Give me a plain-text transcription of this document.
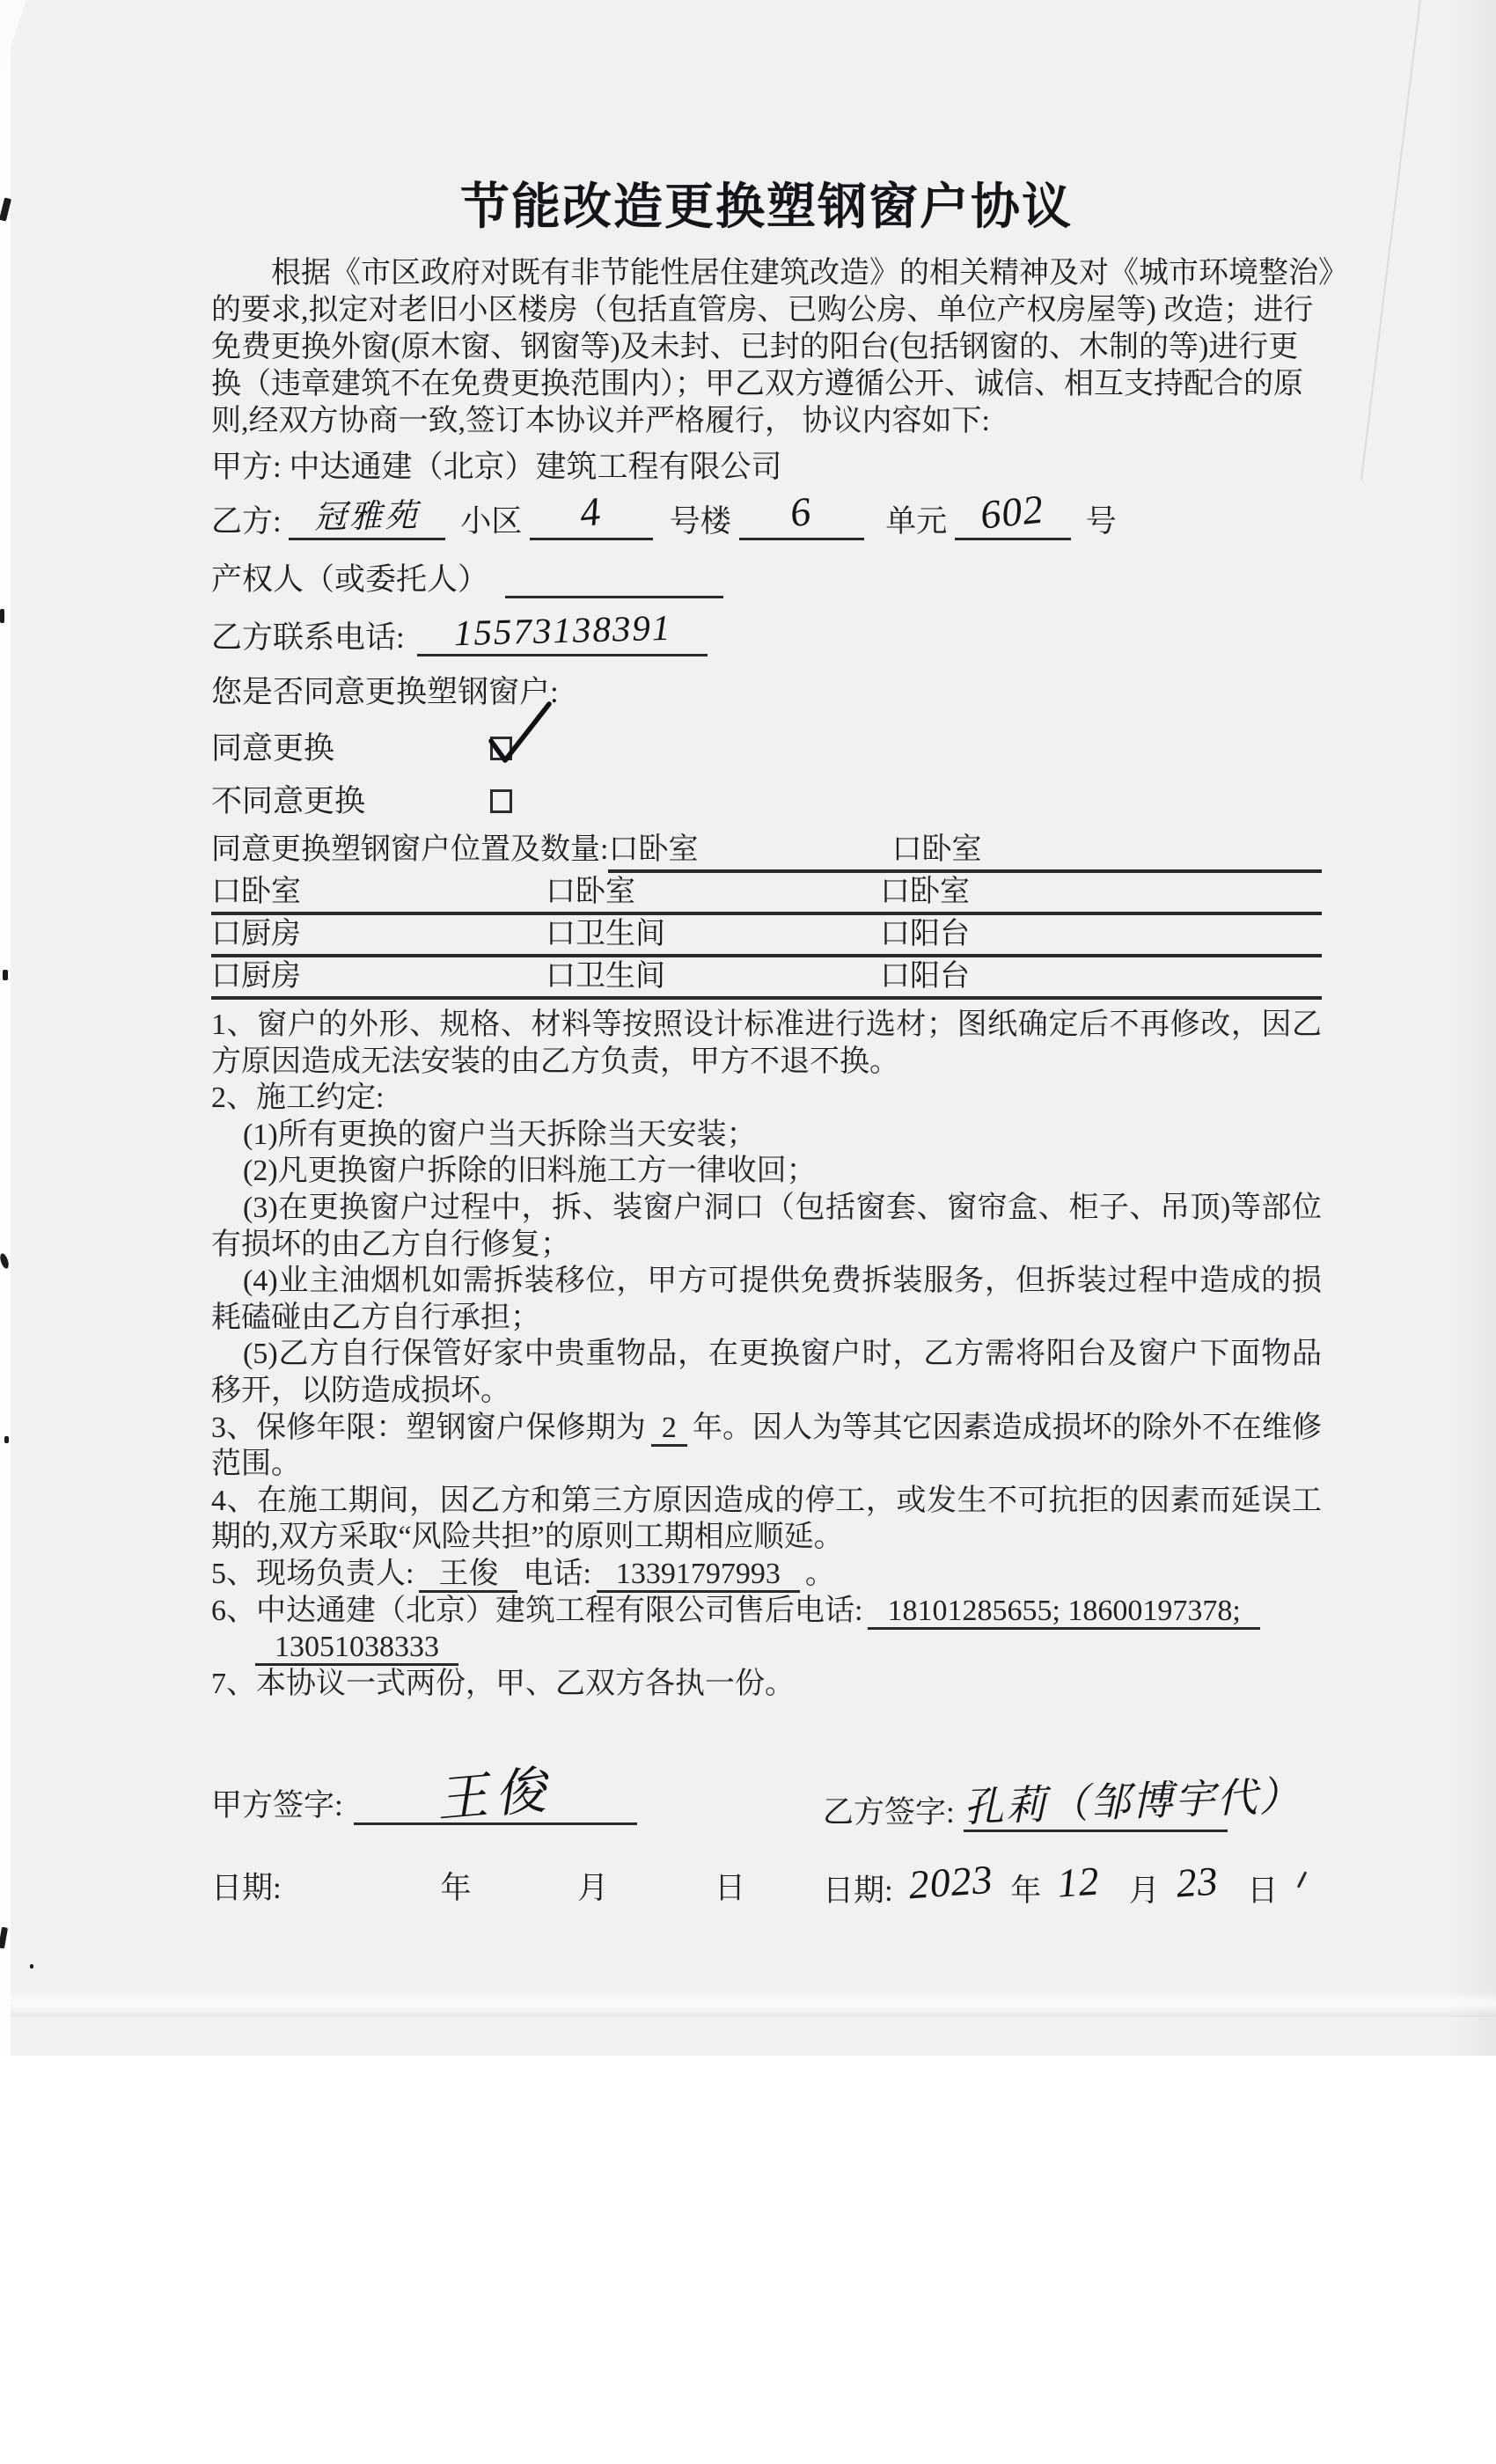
节能改造更换塑钢窗户协议
根据《市区政府对既有非节能性居住建筑改造》的相关精神及对《城市环境整治》
的要求,拟定对老旧小区楼房（包括直管房、已购公房、单位产权房屋等) 改造；进行
免费更换外窗(原木窗、钢窗等)及未封、已封的阳台(包括钢窗的、木制的等)进行更
换（违章建筑不在免费更换范围内）；甲乙双方遵循公开、诚信、相互支持配合的原
则,经双方协商一致,签订本协议并严格履行， 协议内容如下:
甲方: 中达通建（北京）建筑工程有限公司
乙方: 冠雅苑 小区 4 号楼 6 单元 602 号
产权人（或委托人）
乙方联系电话: 15573138391
您是否同意更换塑钢窗户:
同意更换
不同意更换
同意更换塑钢窗户位置及数量: 口卧室	口卧室
口卧室	口卧室	口卧室
口厨房	口卫生间	口阳台
口厨房	口卫生间	口阳台

1、窗户的外形、规格、材料等按照设计标准进行选材；图纸确定后不再修改，因乙方原因造成无法安装的由乙方负责，甲方不退不换。

2、施工约定:

(1)所有更换的窗户当天拆除当天安装；

(2)凡更换窗户拆除的旧料施工方一律收回；

(3)在更换窗户过程中，拆、装窗户洞口（包括窗套、窗帘盒、柜子、吊顶)等部位有损坏的由乙方自行修复；

(4)业主油烟机如需拆装移位，甲方可提供免费拆装服务，但拆装过程中造成的损耗磕碰由乙方自行承担；

(5)乙方自行保管好家中贵重物品，在更换窗户时，乙方需将阳台及窗户下面物品移开，以防造成损坏。

3、保修年限：塑钢窗户保修期为 2 年。因人为等其它因素造成损坏的除外不在维修范围。

4、在施工期间，因乙方和第三方原因造成的停工，或发生不可抗拒的因素而延误工期的,双方采取“风险共担”的原则工期相应顺延。

5、现场负责人: 王俊 电话: 13391797993 。

6、中达通建（北京）建筑工程有限公司售后电话: 18101285655; 18600197378;

13051038333

7、本协议一式两份，甲、乙双方各执一份。

甲方签字: 王俊	乙方签字: 孔莉（邹博宇代）
日期:	年	月	日	日期: 2023 年 12 月 23 日
